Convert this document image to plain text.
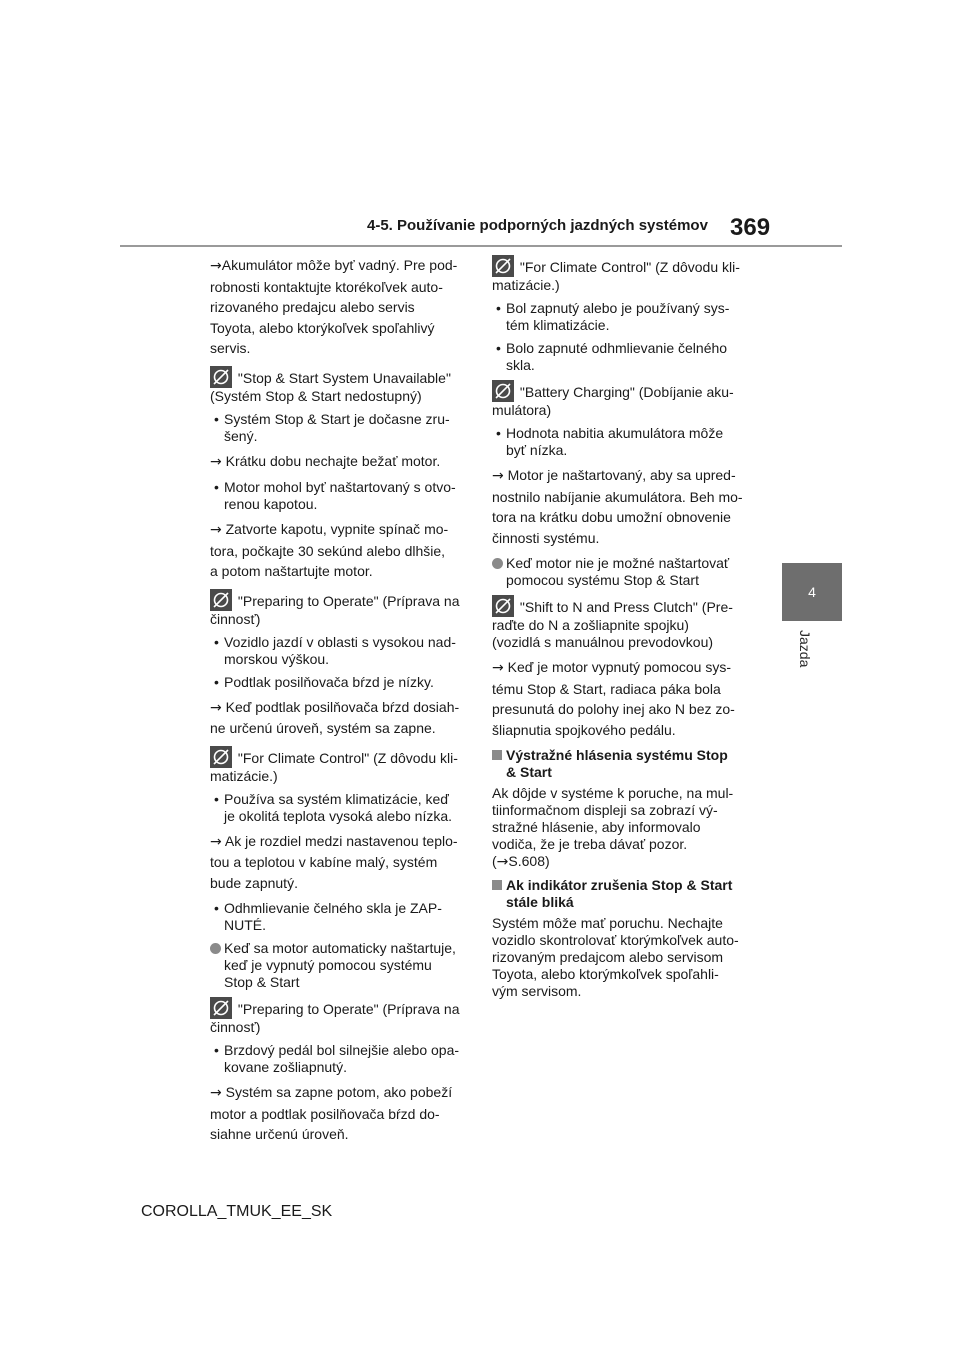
4-5. Používanie podporných jazdných systémov 369
4
Jazda
→Akumulátor môže byť vadný. Pre pod-
robnosti kontaktujte ktorékoľvek auto-
rizovaného predajcu alebo servis
Toyota, alebo ktorýkoľvek spoľahlivý
servis.
"Stop & Start System Unavailable"
(Systém Stop & Start nedostupný)
• Systém Stop & Start je dočasne zru-
šený.
→ Krátku dobu nechajte bežať motor.
• Motor mohol byť naštartovaný s otvo-
renou kapotou.
→ Zatvorte kapotu, vypnite spínač mo-
tora, počkajte 30 sekúnd alebo dlhšie,
a potom naštartujte motor.
"Preparing to Operate" (Príprava na
činnosť)
• Vozidlo jazdí v oblasti s vysokou nad-
morskou výškou.
• Podtlak posilňovača bŕzd je nízky.
→ Keď podtlak posilňovača bŕzd dosiah-
ne určenú úroveň, systém sa zapne.
"For Climate Control" (Z dôvodu kli-
matizácie.)
• Používa sa systém klimatizácie, keď
je okolitá teplota vysoká alebo nízka.
→ Ak je rozdiel medzi nastavenou teplo-
tou a teplotou v kabíne malý, systém
bude zapnutý.
• Odhmlievanie čelného skla je ZAP-
NUTÉ.
Keď sa motor automaticky naštartuje,
keď je vypnutý pomocou systému
Stop & Start
"Preparing to Operate" (Príprava na
činnosť)
• Brzdový pedál bol silnejšie alebo opa-
kovane zošliapnutý.
→ Systém sa zapne potom, ako pobeží
motor a podtlak posilňovača bŕzd do-
siahne určenú úroveň.
"For Climate Control" (Z dôvodu kli-
matizácie.)
• Bol zapnutý alebo je používaný sys-
tém klimatizácie.
• Bolo zapnuté odhmlievanie čelného
skla.
"Battery Charging" (Dobíjanie aku-
mulátora)
• Hodnota nabitia akumulátora môže
byť nízka.
→ Motor je naštartovaný, aby sa upred-
nostnilo nabíjanie akumulátora. Beh mo-
tora na krátku dobu umožní obnovenie
činnosti systému.
Keď motor nie je možné naštartovať
pomocou systému Stop & Start
"Shift to N and Press Clutch" (Pre-
raďte do N a zošliapnite spojku)
(vozidlá s manuálnou prevodovkou)
→ Keď je motor vypnutý pomocou sys-
tému Stop & Start, radiaca páka bola
presunutá do polohy inej ako N bez zo-
šliapnutia spojkového pedálu.
Výstražné hlásenia systému Stop
& Start
Ak dôjde v systéme k poruche, na mul-
tiinformačnom displeji sa zobrazí vý-
stražné hlásenie, aby informovalo
vodiča, že je treba dávať pozor.
(→S.608)
Ak indikátor zrušenia Stop & Start
stále bliká
Systém môže mať poruchu. Nechajte
vozidlo skontrolovať ktorýmkoľvek auto-
rizovaným predajcom alebo servisom
Toyota, alebo ktorýmkoľvek spoľahli-
vým servisom.
COROLLA_TMUK_EE_SK
